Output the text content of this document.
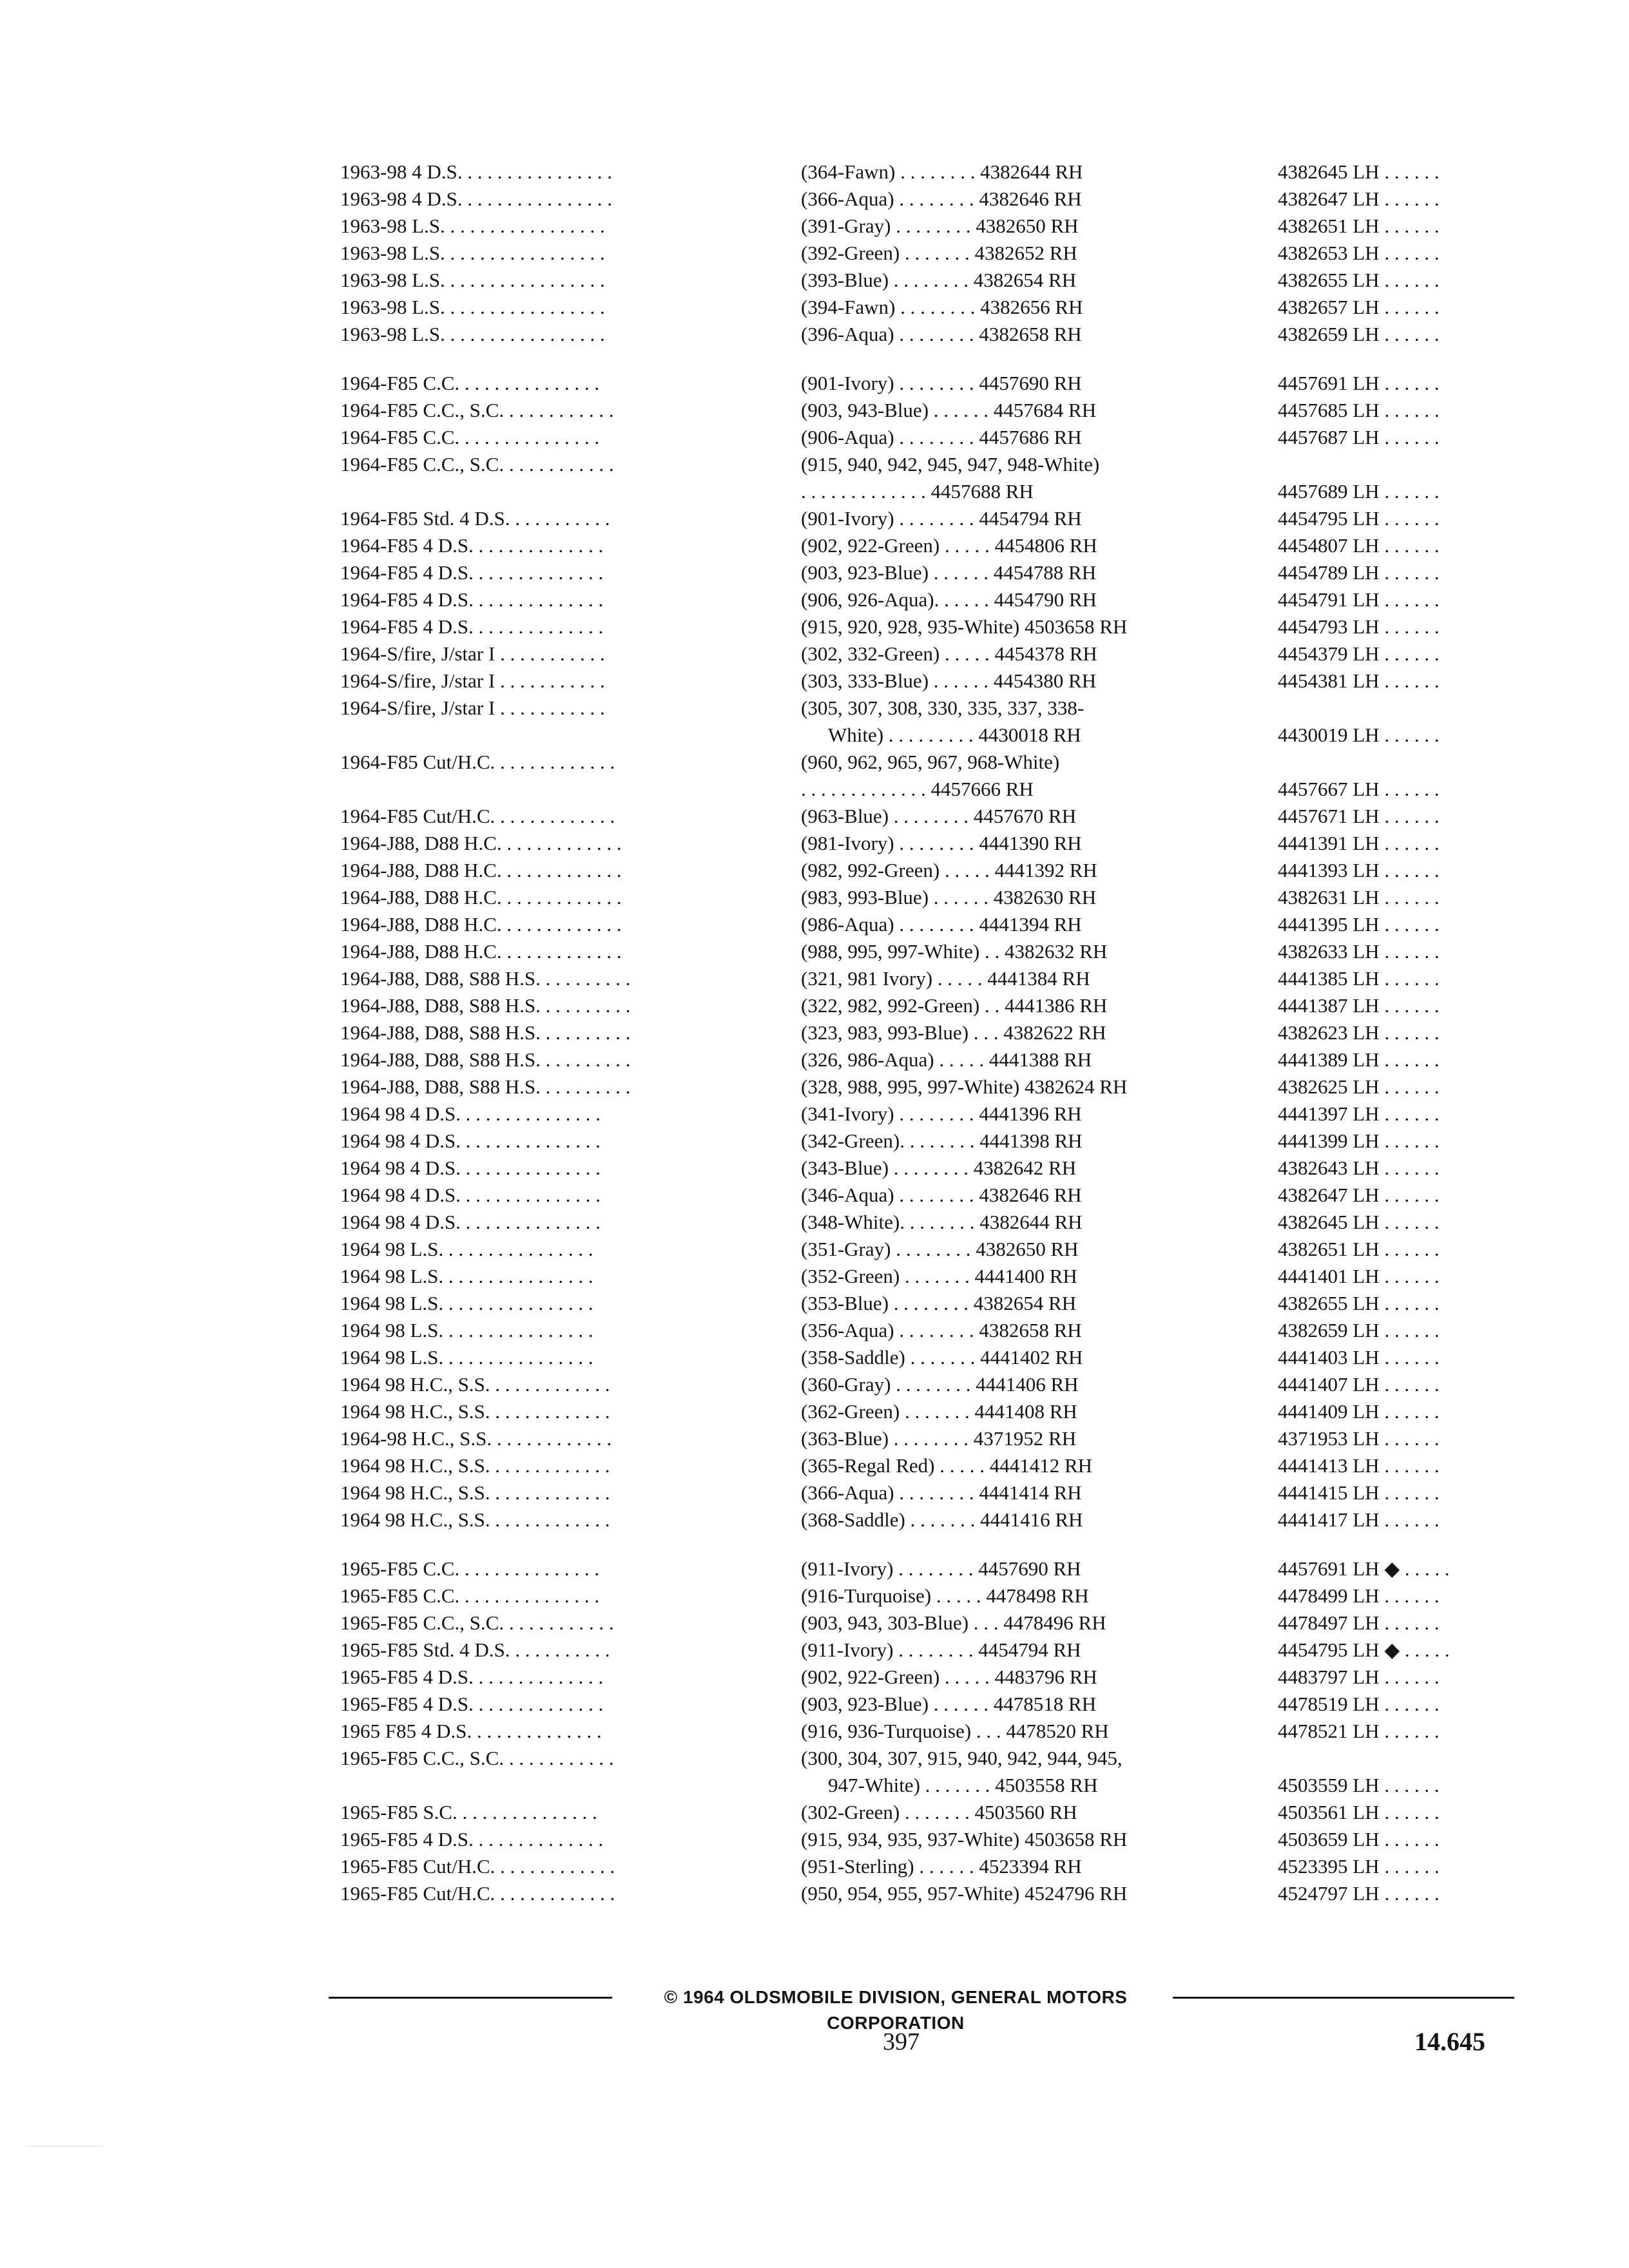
1963-98 4 D.S. . . . . . . . . . . . . . . .	(364-Fawn) . . . . . . . . 4382644 RH	4382645 LH . . . . . .
1963-98 4 D.S. . . . . . . . . . . . . . . .	(366-Aqua) . . . . . . . . 4382646 RH	4382647 LH . . . . . .
1963-98 L.S. . . . . . . . . . . . . . . . .	(391-Gray) . . . . . . . . 4382650 RH	4382651 LH . . . . . .
1963-98 L.S. . . . . . . . . . . . . . . . .	(392-Green) . . . . . . . 4382652 RH	4382653 LH . . . . . .
1963-98 L.S. . . . . . . . . . . . . . . . .	(393-Blue) . . . . . . . . 4382654 RH	4382655 LH . . . . . .
1963-98 L.S. . . . . . . . . . . . . . . . .	(394-Fawn) . . . . . . . . 4382656 RH	4382657 LH . . . . . .
1963-98 L.S. . . . . . . . . . . . . . . . .	(396-Aqua) . . . . . . . . 4382658 RH	4382659 LH . . . . . .
1964-F85 C.C. . . . . . . . . . . . . . .	(901-Ivory) . . . . . . . . 4457690 RH	4457691 LH . . . . . .
1964-F85 C.C., S.C. . . . . . . . . . . .	(903, 943-Blue) . . . . . . 4457684 RH	4457685 LH . . . . . .
1964-F85 C.C. . . . . . . . . . . . . . .	(906-Aqua) . . . . . . . . 4457686 RH	4457687 LH . . . . . .
1964-F85 C.C., S.C. . . . . . . . . . . .	(915, 940, 942, 945, 947, 948-White)
. . . . . . . . . . . . . 4457688 RH	4457689 LH . . . . . .
1964-F85 Std. 4 D.S. . . . . . . . . . .	(901-Ivory) . . . . . . . . 4454794 RH	4454795 LH . . . . . .
1964-F85 4 D.S. . . . . . . . . . . . . .	(902, 922-Green) . . . . . 4454806 RH	4454807 LH . . . . . .
1964-F85 4 D.S. . . . . . . . . . . . . .	(903, 923-Blue) . . . . . . 4454788 RH	4454789 LH . . . . . .
1964-F85 4 D.S. . . . . . . . . . . . . .	(906, 926-Aqua). . . . . . 4454790 RH	4454791 LH . . . . . .
1964-F85 4 D.S. . . . . . . . . . . . . .	(915, 920, 928, 935-White) 4503658 RH	4454793 LH . . . . . .
1964-S/fire, J/star I . . . . . . . . . . .	(302, 332-Green) . . . . . 4454378 RH	4454379 LH . . . . . .
1964-S/fire, J/star I . . . . . . . . . . .	(303, 333-Blue) . . . . . . 4454380 RH	4454381 LH . . . . . .
1964-S/fire, J/star I . . . . . . . . . . .	(305, 307, 308, 330, 335, 337, 338-
White) . . . . . . . . . 4430018 RH	4430019 LH . . . . . .
1964-F85 Cut/H.C. . . . . . . . . . . . .	(960, 962, 965, 967, 968-White)
. . . . . . . . . . . . . 4457666 RH	4457667 LH . . . . . .
1964-F85 Cut/H.C. . . . . . . . . . . . .	(963-Blue) . . . . . . . . 4457670 RH	4457671 LH . . . . . .
1964-J88, D88 H.C. . . . . . . . . . . . .	(981-Ivory) . . . . . . . . 4441390 RH	4441391 LH . . . . . .
1964-J88, D88 H.C. . . . . . . . . . . . .	(982, 992-Green) . . . . . 4441392 RH	4441393 LH . . . . . .
1964-J88, D88 H.C. . . . . . . . . . . . .	(983, 993-Blue) . . . . . . 4382630 RH	4382631 LH . . . . . .
1964-J88, D88 H.C. . . . . . . . . . . . .	(986-Aqua) . . . . . . . . 4441394 RH	4441395 LH . . . . . .
1964-J88, D88 H.C. . . . . . . . . . . . .	(988, 995, 997-White) . . 4382632 RH	4382633 LH . . . . . .
1964-J88, D88, S88 H.S. . . . . . . . . .	(321, 981 Ivory) . . . . . 4441384 RH	4441385 LH . . . . . .
1964-J88, D88, S88 H.S. . . . . . . . . .	(322, 982, 992-Green) . . 4441386 RH	4441387 LH . . . . . .
1964-J88, D88, S88 H.S. . . . . . . . . .	(323, 983, 993-Blue) . . . 4382622 RH	4382623 LH . . . . . .
1964-J88, D88, S88 H.S. . . . . . . . . .	(326, 986-Aqua) . . . . . 4441388 RH	4441389 LH . . . . . .
1964-J88, D88, S88 H.S. . . . . . . . . .	(328, 988, 995, 997-White) 4382624 RH	4382625 LH . . . . . .
1964 98 4 D.S. . . . . . . . . . . . . . .	(341-Ivory) . . . . . . . . 4441396 RH	4441397 LH . . . . . .
1964 98 4 D.S. . . . . . . . . . . . . . .	(342-Green). . . . . . . . 4441398 RH	4441399 LH . . . . . .
1964 98 4 D.S. . . . . . . . . . . . . . .	(343-Blue) . . . . . . . . 4382642 RH	4382643 LH . . . . . .
1964 98 4 D.S. . . . . . . . . . . . . . .	(346-Aqua) . . . . . . . . 4382646 RH	4382647 LH . . . . . .
1964 98 4 D.S. . . . . . . . . . . . . . .	(348-White). . . . . . . . 4382644 RH	4382645 LH . . . . . .
1964 98 L.S. . . . . . . . . . . . . . . .	(351-Gray) . . . . . . . . 4382650 RH	4382651 LH . . . . . .
1964 98 L.S. . . . . . . . . . . . . . . .	(352-Green) . . . . . . . 4441400 RH	4441401 LH . . . . . .
1964 98 L.S. . . . . . . . . . . . . . . .	(353-Blue) . . . . . . . . 4382654 RH	4382655 LH . . . . . .
1964 98 L.S. . . . . . . . . . . . . . . .	(356-Aqua) . . . . . . . . 4382658 RH	4382659 LH . . . . . .
1964 98 L.S. . . . . . . . . . . . . . . .	(358-Saddle) . . . . . . . 4441402 RH	4441403 LH . . . . . .
1964 98 H.C., S.S. . . . . . . . . . . . .	(360-Gray) . . . . . . . . 4441406 RH	4441407 LH . . . . . .
1964 98 H.C., S.S. . . . . . . . . . . . .	(362-Green) . . . . . . . 4441408 RH	4441409 LH . . . . . .
1964-98 H.C., S.S. . . . . . . . . . . . .	(363-Blue) . . . . . . . . 4371952 RH	4371953 LH . . . . . .
1964 98 H.C., S.S. . . . . . . . . . . . .	(365-Regal Red) . . . . . 4441412 RH	4441413 LH . . . . . .
1964 98 H.C., S.S. . . . . . . . . . . . .	(366-Aqua) . . . . . . . . 4441414 RH	4441415 LH . . . . . .
1964 98 H.C., S.S. . . . . . . . . . . . .	(368-Saddle) . . . . . . . 4441416 RH	4441417 LH . . . . . .
1965-F85 C.C. . . . . . . . . . . . . . .	(911-Ivory) . . . . . . . . 4457690 RH	4457691 LH ◆ . . . . .
1965-F85 C.C. . . . . . . . . . . . . . .	(916-Turquoise) . . . . . 4478498 RH	4478499 LH . . . . . .
1965-F85 C.C., S.C. . . . . . . . . . . .	(903, 943, 303-Blue) . . . 4478496 RH	4478497 LH . . . . . .
1965-F85 Std. 4 D.S. . . . . . . . . . .	(911-Ivory) . . . . . . . . 4454794 RH	4454795 LH ◆ . . . . .
1965-F85 4 D.S. . . . . . . . . . . . . .	(902, 922-Green) . . . . . 4483796 RH	4483797 LH . . . . . .
1965-F85 4 D.S. . . . . . . . . . . . . .	(903, 923-Blue) . . . . . . 4478518 RH	4478519 LH . . . . . .
1965 F85 4 D.S. . . . . . . . . . . . . .	(916, 936-Turquoise) . . . 4478520 RH	4478521 LH . . . . . .
1965-F85 C.C., S.C. . . . . . . . . . . .	(300, 304, 307, 915, 940, 942, 944, 945,
947-White) . . . . . . . 4503558 RH	4503559 LH . . . . . .
1965-F85 S.C. . . . . . . . . . . . . . .	(302-Green) . . . . . . . 4503560 RH	4503561 LH . . . . . .
1965-F85 4 D.S. . . . . . . . . . . . . .	(915, 934, 935, 937-White) 4503658 RH	4503659 LH . . . . . .
1965-F85 Cut/H.C. . . . . . . . . . . . .	(951-Sterling) . . . . . . 4523394 RH	4523395 LH . . . . . .
1965-F85 Cut/H.C. . . . . . . . . . . . .	(950, 954, 955, 957-White) 4524796 RH	4524797 LH . . . . . .
© 1964 OLDSMOBILE DIVISION, GENERAL MOTORS CORPORATION
397	14.645
